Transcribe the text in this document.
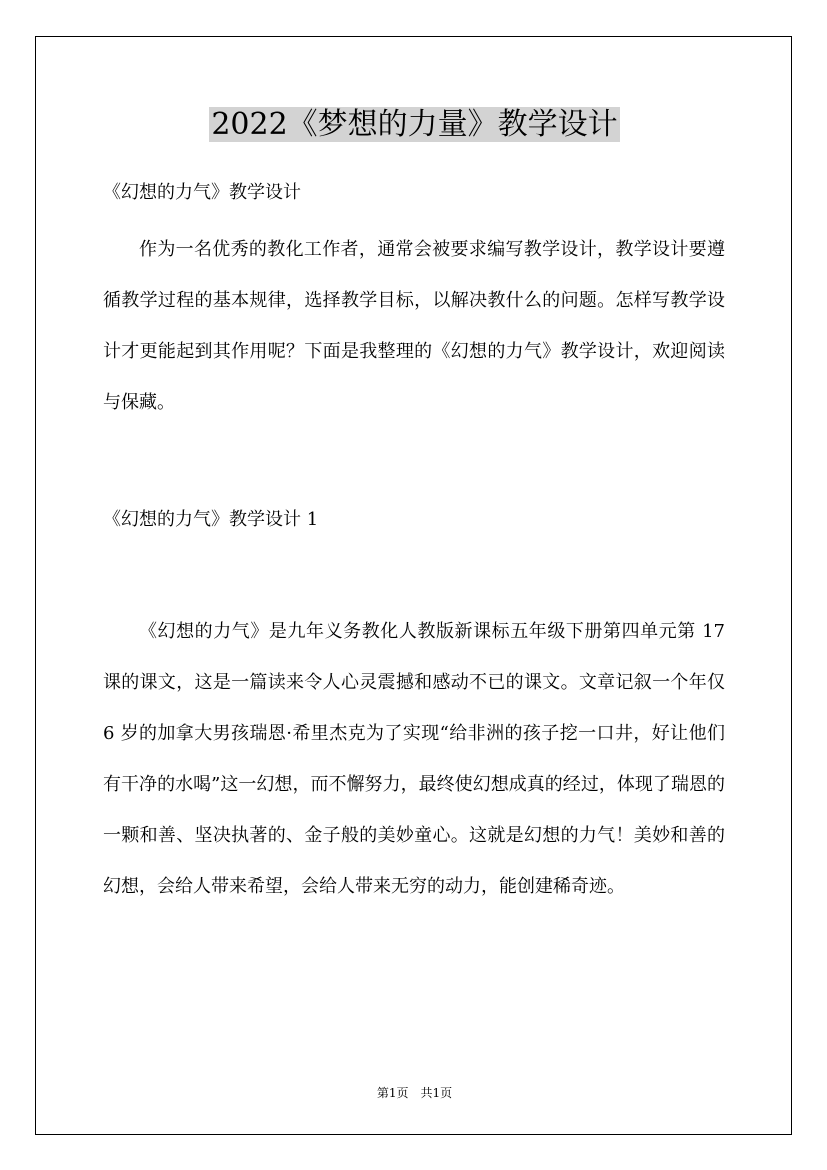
2022《梦想的力量》教学设计
《幻想的力气》教学设计
作为一名优秀的教化工作者，通常会被要求编写教学设计，教学设计要遵循教学过程的基本规律，选择教学目标，以解决教什么的问题。怎样写教学设计才更能起到其作用呢？下面是我整理的《幻想的力气》教学设计，欢迎阅读与保藏。
《幻想的力气》教学设计 1
《幻想的力气》是九年义务教化人教版新课标五年级下册第四单元第 17 课的课文，这是一篇读来令人心灵震撼和感动不已的课文。文章记叙一个年仅 6 岁的加拿大男孩瑞恩·希里杰克为了实现“给非洲的孩子挖一口井，好让他们有干净的水喝”这一幻想，而不懈努力，最终使幻想成真的经过，体现了瑞恩的一颗和善、坚决执著的、金子般的美妙童心。这就是幻想的力气！美妙和善的幻想，会给人带来希望，会给人带来无穷的动力，能创建稀奇迹。
第1页　共1页
